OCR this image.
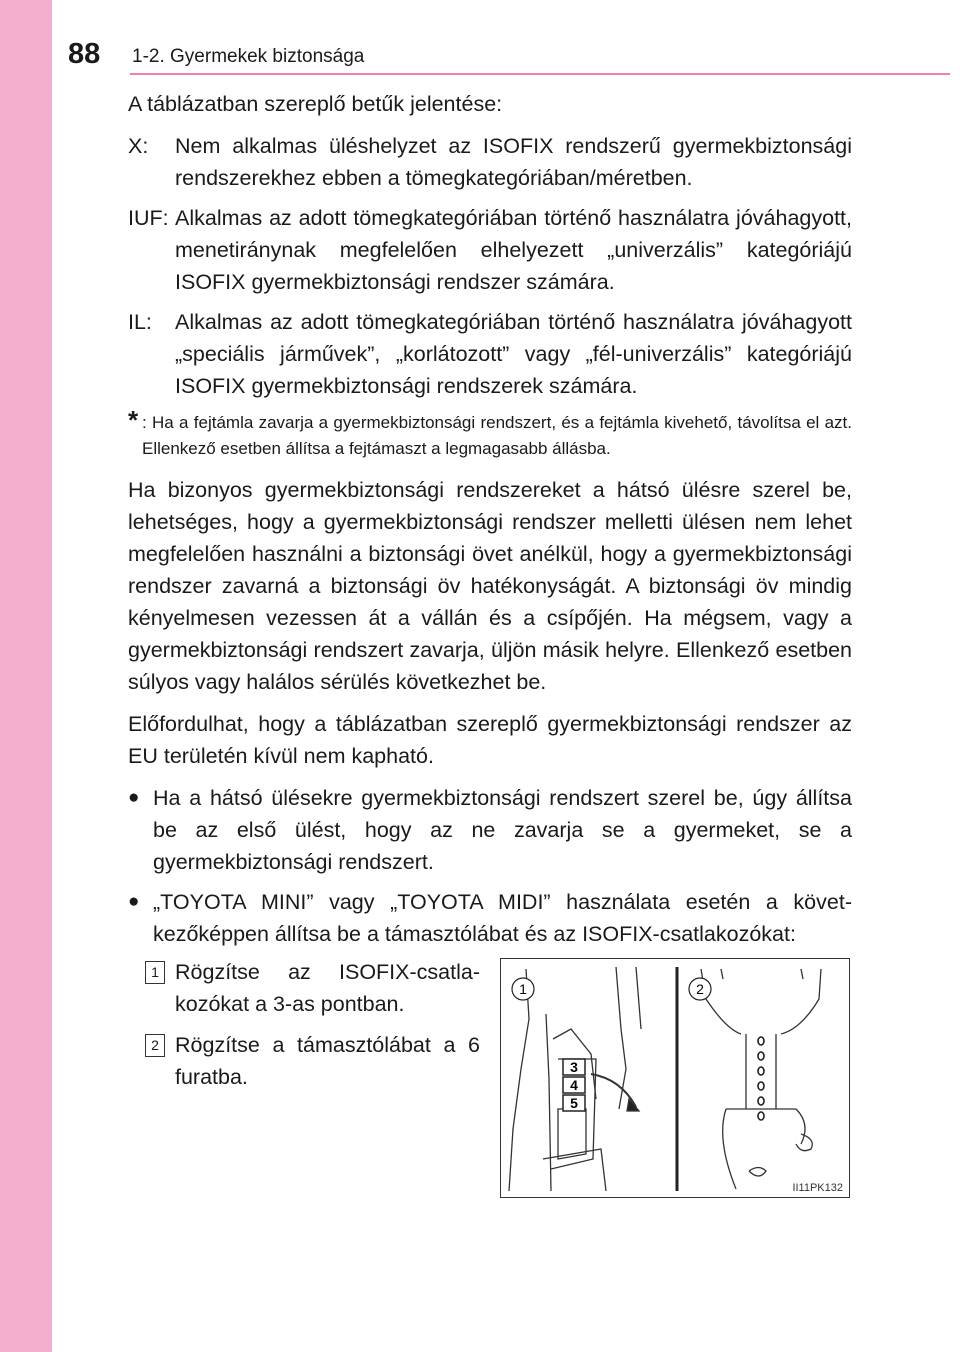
88 1-2. Gyermekek biztonsága

A táblázatban szereplő betűk jelentése:

X:	Nem alkalmas üléshelyzet az ISOFIX rendszerű gyermekbiztonsági rendszerekhez ebben a tömegkategóriában/méretben.
IUF: Alkalmas az adott tömegkategóriában történő használatra jóváhagyott, menetiránynak megfelelően elhelyezett „univerzális” kategóriájú ISOFIX gyermekbiztonsági rendszer számára.
IL:	Alkalmas az adott tömegkategóriában történő használatra jóváhagyott „speciális járművek”, „korlátozott” vagy „fél-univerzális” kategóriájú ISOFIX gyermekbiztonsági rendszerek számára.
* : Ha a fejtámla zavarja a gyermekbiztonsági rendszert, és a fejtámla kivehető, távolítsa el azt. Ellenkező esetben állítsa a fejtámaszt a legmagasabb állásba.

Ha bizonyos gyermekbiztonsági rendszereket a hátsó ülésre szerel be, lehetséges, hogy a gyermekbiztonsági rendszer melletti ülésen nem lehet megfelelően használni a biztonsági övet anélkül, hogy a gyermekbiztonsági rendszer zavarná a biztonsági öv hatékonyságát. A biztonsági öv mindig kényelmesen vezessen át a vállán és a csípőjén. Ha mégsem, vagy a gyermekbiztonsági rendszert zavarja, üljön másik helyre. Ellenkező esetben súlyos vagy halálos sérülés következhet be.

Előfordulhat, hogy a táblázatban szereplő gyermekbiztonsági rendszer az EU területén kívül nem kapható.

● Ha a hátsó ülésekre gyermekbiztonsági rendszert szerel be, úgy állítsa be az első ülést, hogy az ne zavarja se a gyermeket, se a gyermekbiztonsági rendszert.
● „TOYOTA MINI” vagy „TOYOTA MIDI” használata esetén a következőképpen állítsa be a támasztólábat és az ISOFIX-csatlakozókat:
1 Rögzítse az ISOFIX-csatlakozókat a 3-as pontban.
2 Rögzítse a támasztólábat a 6 furatba.	3
4
5
1	2
II11PK132
